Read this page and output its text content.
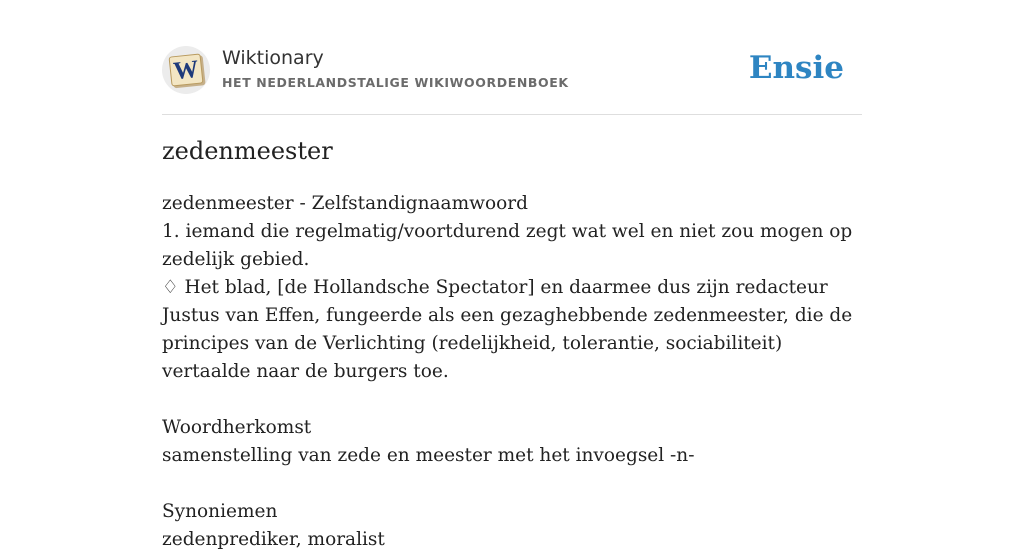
W Wiktionary
HET NEDERLANDSTALIGE WIKIWOORDENBOEK	Ensie
zedenmeester
zedenmeester - Zelfstandignaamwoord
1. iemand die regelmatig/voortdurend zegt wat wel en niet zou mogen op zedelijk gebied.
♢ Het blad, [de Hollandsche Spectator] en daarmee dus zijn redacteur Justus van Effen, fungeerde als een gezaghebbende zedenmeester, die de principes van de Verlichting (redelijkheid, tolerantie, sociabiliteit) vertaalde naar de burgers toe.
Woordherkomst
samenstelling van zede en meester met het invoegsel -n-
Synoniemen
zedenprediker, moralist
